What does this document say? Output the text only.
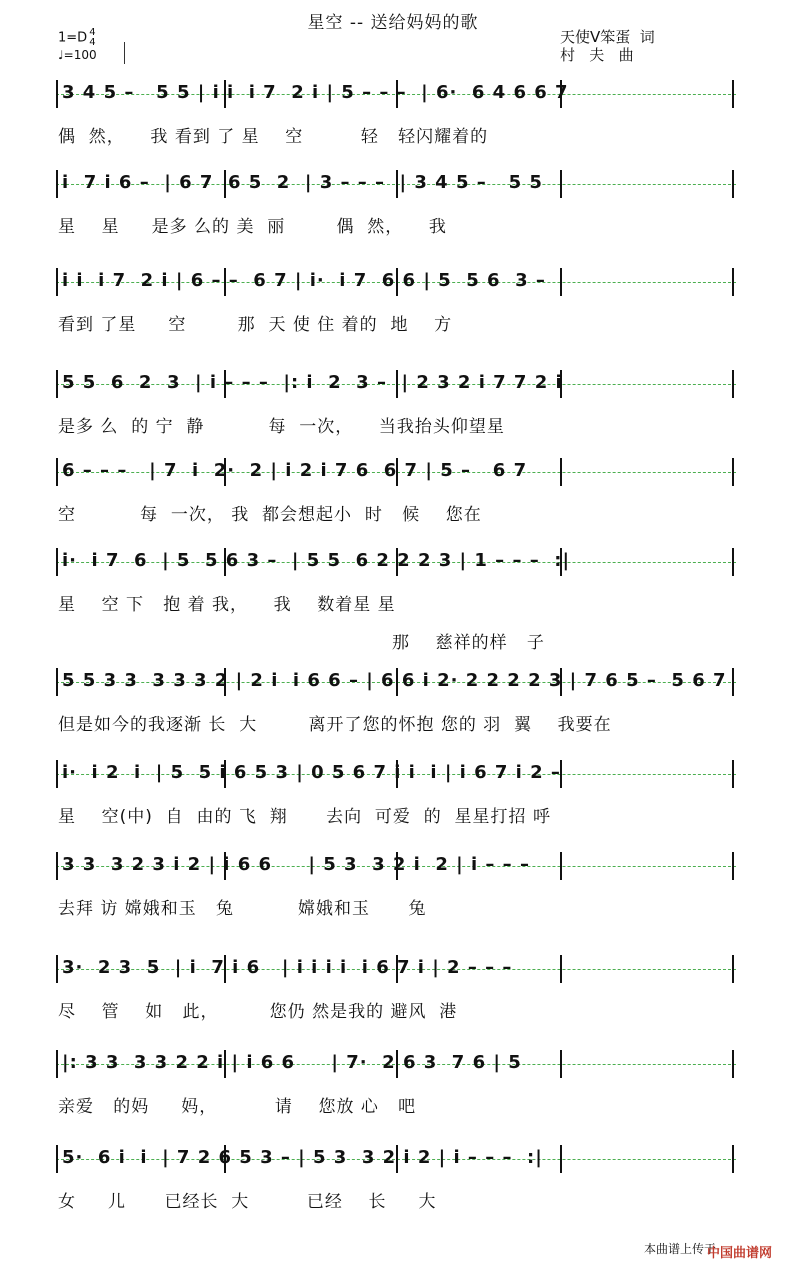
星空 -- 送给妈妈的歌
1=D 4
4
♩=100
天使V笨蛋  词
村   夫   曲
3 4 5 –   5 5 | i i  i 7  2 i | 5 – – –  | 6·  6 4 6 6 7
偶  然，    我 看到 了 星    空         轻   轻闪耀着的
i  7 i 6 –  | 6 7  6 5  2  | 3 – – –  | 3 4 5 –   5 5
星    星     是多 么的 美  丽        偶  然，    我
i i  i 7  2 i | 6 – –  6 7 | i·  i 7  6 6 | 5  5 6  3 –
看到 了星     空        那  天 使 住 着的  地    方
5 5  6  2  3  | i – – –  |: i  2  3 –  | 2 3 2 i 7 7 2 i
是多 么  的 宁  静          每  一次，    当我抬头仰望星
6 – – –   | 7  i  2·  2 | i 2 i 7 6  6 7 | 5 –   6 7
空          每  一次， 我  都会想起小  时   候    您在
i·  i 7  6  | 5  5 6 3 –  | 5 5  6 2 2 2 3 | 1 – – –  :|
星    空 下   抱 着 我，    我    数着星 星
5 5 3 3  3 3 3 2 | 2 i  i 6 6 – | 6 6 i 2· 2 2 2 2 3 | 7 6 5 –  5 6 7
但是如今的我逐渐 长  大        离开了您的怀抱 您的 羽  翼    我要在
i·  i 2  i  | 5  5 i 6 5 3 | 0 5 6 7 i i  i | i 6 7 i 2 –
星    空(中)  自  由的 飞  翔      去向  可爱  的  星星打招 呼
3 3  3 2 3 i 2 | i 6 6     | 5 3  3 2 i  2 | i – – –
去拜 访 嫦娥和玉   兔          嫦娥和玉      兔
3·  2 3  5  | i  7 i 6   | i i i i  i 6 7 i | 2 – – –
尽    管    如   此，        您仍 然是我的 避风  港
|: 3 3  3 3 2 2 i | i 6 6     | 7·  2 6 3  7 6 | 5
亲爱   的妈     妈，         请    您放 心   吧
5·  6 i  i  | 7 2 6 5 3 – | 5 3  3 2 i 2 | i – – –  :|
女     儿      已经长  大         已经    长     大
那    慈祥的样   子
本曲谱上传于
中国曲谱网
